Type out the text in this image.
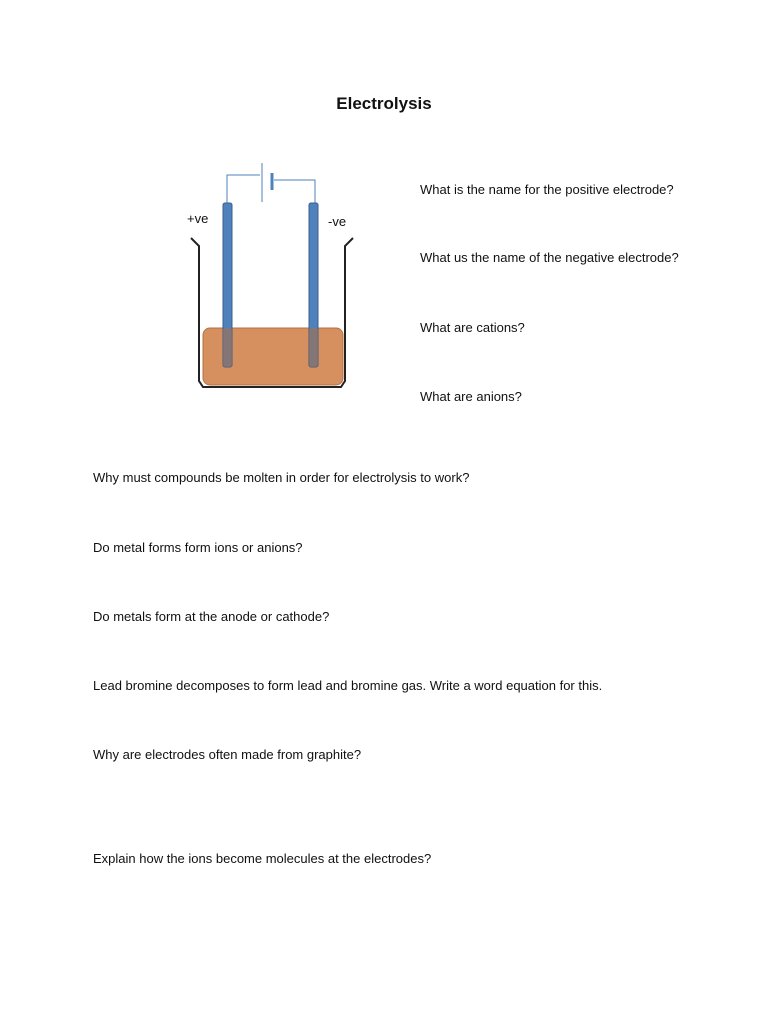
Electrolysis
+ve	-ve
What is the name for the positive electrode?
What us the name of the negative electrode?
What are cations?
What are anions?
Why must compounds be molten in order for electrolysis to work?
Do metal forms form ions or anions?
Do metals form at the anode or cathode?
Lead bromine decomposes to form lead and bromine gas. Write a word equation for this.
Why are electrodes often made from graphite?
Explain how the ions become molecules at the electrodes?
